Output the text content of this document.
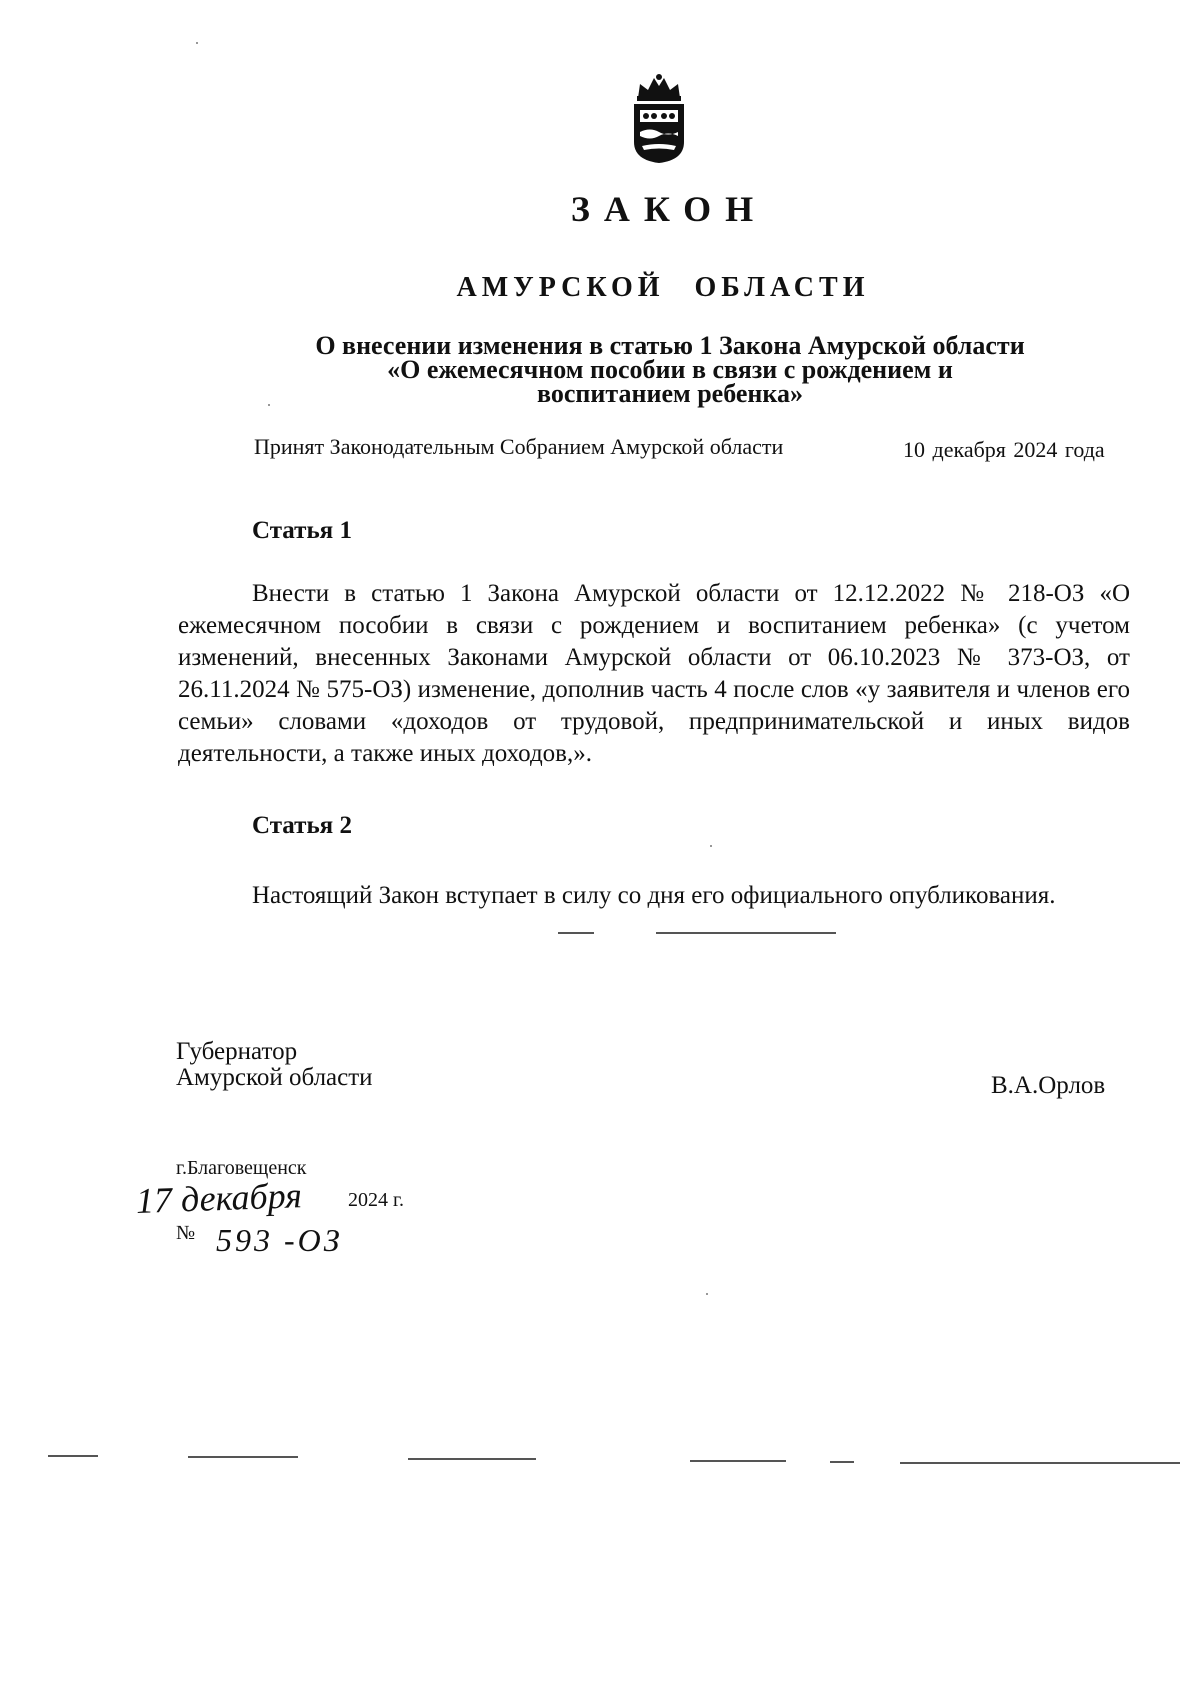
ЗАКОН
АМУРСКОЙ ОБЛАСТИ
О внесении изменения в статью 1 Закона Амурской области
«О ежемесячном пособии в связи с рождением и
воспитанием ребенка»
Принят Законодательным Собранием Амурской области	10 декабря 2024 года
Статья 1
Внести в статью 1 Закона Амурской области от 12.12.2022 № 218-ОЗ «О ежемесячном пособии в связи с рождением и воспитанием ребенка» (с учетом изменений, внесенных Законами Амурской области от 06.10.2023 № 373-ОЗ, от 26.11.2024 № 575-ОЗ) изменение, дополнив часть 4 после слов «у заявителя и членов его семьи» словами «доходов от трудовой, предпринимательской и иных видов деятельности, а также иных доходов,».
Статья 2
Настоящий Закон вступает в силу со дня его официального опубликования.
Губернатор
Амурской области	В.А.Орлов
г.Благовещенск
17 декабря 2024 г.
№ 593 -ОЗ
